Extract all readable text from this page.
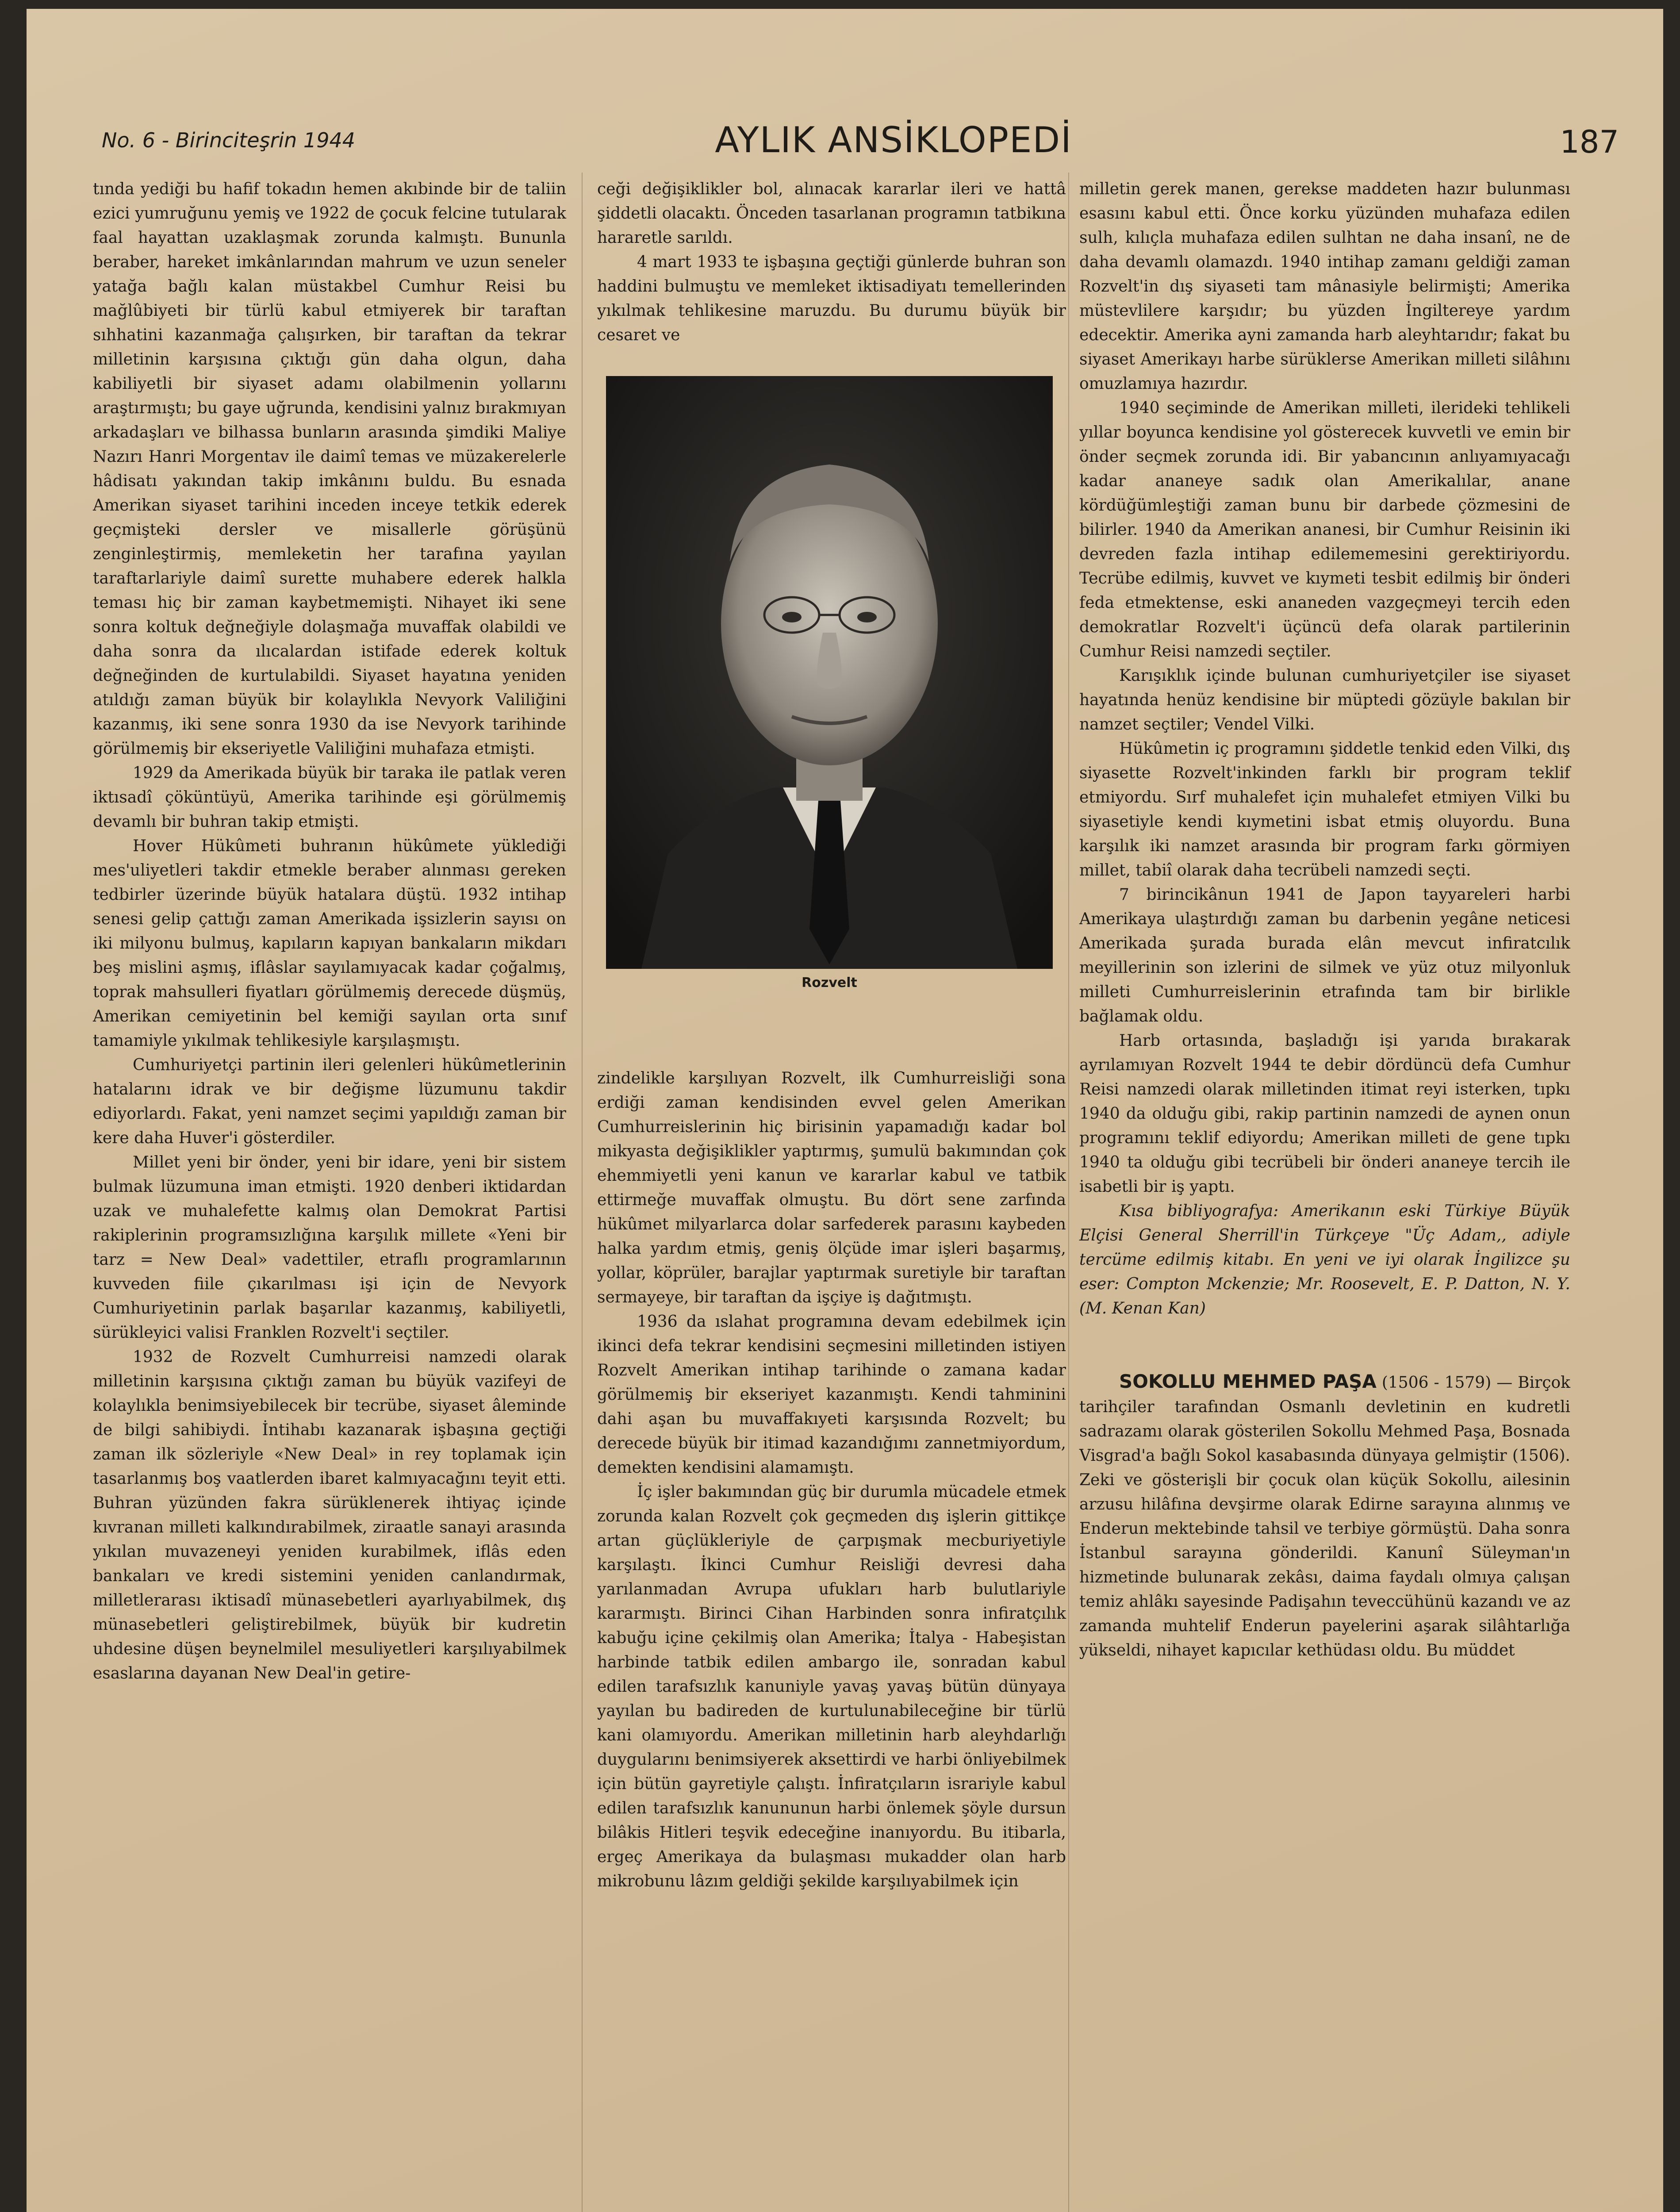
No. 6 - Birinciteşrin 1944	AYLIK ANSİKLOPEDİ	187

tında yediği bu hafif tokadın hemen akıbinde bir de taliin ezici yumruğunu yemiş ve 1922 de çocuk felcine tutularak faal hayattan uzaklaşmak zorunda kalmıştı. Bununla beraber, hareket imkânlarından mahrum ve uzun seneler yatağa bağlı kalan müstakbel Cumhur Reisi bu mağlûbiyeti bir türlü kabul etmiyerek bir taraftan sıhhatini kazanmağa çalışırken, bir taraftan da tekrar milletinin karşısına çıktığı gün daha olgun, daha kabiliyetli bir siyaset adamı olabilmenin yollarını araştırmıştı; bu gaye uğrunda, kendisini yalnız bırakmıyan arkadaşları ve bilhassa bunların arasında şimdiki Maliye Nazırı Hanri Morgentav ile daimî temas ve müzakerelerle hâdisatı yakından takip imkânını buldu. Bu esnada Amerikan siyaset tarihini inceden inceye tetkik ederek geçmişteki dersler ve misallerle görüşünü zenginleştirmiş, memleketin her tarafına yayılan taraftarlariyle daimî surette muhabere ederek halkla teması hiç bir zaman kaybetmemişti. Nihayet iki sene sonra koltuk değneğiyle dolaşmağa muvaffak olabildi ve daha sonra da ılıcalardan istifade ederek koltuk değneğinden de kurtulabildi. Siyaset hayatına yeniden atıldığı zaman büyük bir kolaylıkla Nevyork Valiliğini kazanmış, iki sene sonra 1930 da ise Nevyork tarihinde görülmemiş bir ekseriyetle Valiliğini muhafaza etmişti.

1929 da Amerikada büyük bir taraka ile patlak veren iktısadî çöküntüyü, Amerika tarihinde eşi görülmemiş devamlı bir buhran takip etmişti.

Hover Hükûmeti buhranın hükûmete yüklediği mes'uliyetleri takdir etmekle beraber alınması gereken tedbirler üzerinde büyük hatalara düştü. 1932 intihap senesi gelip çattığı zaman Amerikada işsizlerin sayısı on iki milyonu bulmuş, kapıların kapıyan bankaların mikdarı beş mislini aşmış, iflâslar sayılamıyacak kadar çoğalmış, toprak mahsulleri fiyatları görülmemiş derecede düşmüş, Amerikan cemiyetinin bel kemiği sayılan orta sınıf tamamiyle yıkılmak tehlikesiyle karşılaşmıştı.

Cumhuriyetçi partinin ileri gelenleri hükûmetlerinin hatalarını idrak ve bir değişme lüzumunu takdir ediyorlardı. Fakat, yeni namzet seçimi yapıldığı zaman bir kere daha Huver'i gösterdiler.

Millet yeni bir önder, yeni bir idare, yeni bir sistem bulmak lüzumuna iman etmişti. 1920 denberi iktidardan uzak ve muhalefette kalmış olan Demokrat Partisi rakiplerinin programsızlığına karşılık millete «Yeni bir tarz = New Deal» vadettiler, etraflı programlarının kuvveden fiile çıkarılması işi için de Nevyork Cumhuriyetinin parlak başarılar kazanmış, kabiliyetli, sürükleyici valisi Franklen Rozvelt'i seçtiler.

1932 de Rozvelt Cumhurreisi namzedi olarak milletinin karşısına çıktığı zaman bu büyük vazifeyi de kolaylıkla benimsiyebilecek bir tecrübe, siyaset âleminde de bilgi sahibiydi. İntihabı kazanarak işbaşına geçtiği zaman ilk sözleriyle «New Deal» in rey toplamak için tasarlanmış boş vaatlerden ibaret kalmıyacağını teyit etti. Buhran yüzünden fakra sürüklenerek ihtiyaç içinde kıvranan milleti kalkındırabilmek, ziraatle sanayi arasında yıkılan muvazeneyi yeniden kurabilmek, iflâs eden bankaları ve kredi sistemini yeniden canlandırmak, milletlerarası iktisadî münasebetleri ayarlıyabilmek, dış münasebetleri geliştirebilmek, büyük bir kudretin uhdesine düşen beynelmilel mesuliyetleri karşılıyabilmek esaslarına dayanan New Deal'in getire-

ceği değişiklikler bol, alınacak kararlar ileri ve hattâ şiddetli olacaktı. Önceden tasarlanan programın tatbikına hararetle sarıldı.

4 mart 1933 te işbaşına geçtiği günlerde buhran son haddini bulmuştu ve memleket iktisadiyatı temellerinden yıkılmak tehlikesine maruzdu. Bu durumu büyük bir cesaret ve

Rozvelt

zindelikle karşılıyan Rozvelt, ilk Cumhurreisliği sona erdiği zaman kendisinden evvel gelen Amerikan Cumhurreislerinin hiç birisinin yapamadığı kadar bol mikyasta değişiklikler yaptırmış, şumulü bakımından çok ehemmiyetli yeni kanun ve kararlar kabul ve tatbik ettirmeğe muvaffak olmuştu. Bu dört sene zarfında hükûmet milyarlarca dolar sarfederek parasını kaybeden halka yardım etmiş, geniş ölçüde imar işleri başarmış, yollar, köprüler, barajlar yaptırmak suretiyle bir taraftan sermayeye, bir taraftan da işçiye iş dağıtmıştı.

1936 da ıslahat programına devam edebilmek için ikinci defa tekrar kendisini seçmesini milletinden istiyen Rozvelt Amerikan intihap tarihinde o zamana kadar görülmemiş bir ekseriyet kazanmıştı. Kendi tahminini dahi aşan bu muvaffakıyeti karşısında Rozvelt; bu derecede büyük bir itimad kazandığımı zannetmiyordum, demekten kendisini alamamıştı.

İç işler bakımından güç bir durumla mücadele etmek zorunda kalan Rozvelt çok geçmeden dış işlerin gittikçe artan güçlükleriyle de çarpışmak mecburiyetiyle karşılaştı. İkinci Cumhur Reisliği devresi daha yarılanmadan Avrupa ufukları harb bulutlariyle kararmıştı. Birinci Cihan Harbinden sonra infiratçılık kabuğu içine çekilmiş olan Amerika; İtalya - Habeşistan harbinde tatbik edilen ambargo ile, sonradan kabul edilen tarafsızlık kanuniyle yavaş yavaş bütün dünyaya yayılan bu badireden de kurtulunabileceğine bir türlü kani olamıyordu. Amerikan milletinin harb aleyhdarlığı duygularını benimsiyerek aksettirdi ve harbi önliyebilmek için bütün gayretiyle çalıştı. İnfiratçıların israriyle kabul edilen tarafsızlık kanununun harbi önlemek şöyle dursun bilâkis Hitleri teşvik edeceğine inanıyordu. Bu itibarla, ergeç Amerikaya da bulaşması mukadder olan harb mikrobunu lâzım geldiği şekilde karşılıyabilmek için

milletin gerek manen, gerekse maddeten hazır bulunması esasını kabul etti. Önce korku yüzünden muhafaza edilen sulh, kılıçla muhafaza edilen sulhtan ne daha insanî, ne de daha devamlı olamazdı. 1940 intihap zamanı geldiği zaman Rozvelt'in dış siyaseti tam mânasiyle belirmişti; Amerika müstevlilere karşıdır; bu yüzden İngiltereye yardım edecektir. Amerika ayni zamanda harb aleyhtarıdır; fakat bu siyaset Amerikayı harbe sürüklerse Amerikan milleti silâhını omuzlamıya hazırdır.

1940 seçiminde de Amerikan milleti, ilerideki tehlikeli yıllar boyunca kendisine yol gösterecek kuvvetli ve emin bir önder seçmek zorunda idi. Bir yabancının anlıyamıyacağı kadar ananeye sadık olan Amerikalılar, anane kördüğümleştiği zaman bunu bir darbede çözmesini de bilirler. 1940 da Amerikan ananesi, bir Cumhur Reisinin iki devreden fazla intihap edilememesini gerektiriyordu. Tecrübe edilmiş, kuvvet ve kıymeti tesbit edilmiş bir önderi feda etmektense, eski ananeden vazgeçmeyi tercih eden demokratlar Rozvelt'i üçüncü defa olarak partilerinin Cumhur Reisi namzedi seçtiler.

Karışıklık içinde bulunan cumhuriyetçiler ise siyaset hayatında henüz kendisine bir müptedi gözüyle bakılan bir namzet seçtiler; Vendel Vilki.

Hükûmetin iç programını şiddetle tenkid eden Vilki, dış siyasette Rozvelt'inkinden farklı bir program teklif etmiyordu. Sırf muhalefet için muhalefet etmiyen Vilki bu siyasetiyle kendi kıymetini isbat etmiş oluyordu. Buna karşılık iki namzet arasında bir program farkı görmiyen millet, tabiî olarak daha tecrübeli namzedi seçti.

7 birincikânun 1941 de Japon tayyareleri harbi Amerikaya ulaştırdığı zaman bu darbenin yegâne neticesi Amerikada şurada burada elân mevcut infiratcılık meyillerinin son izlerini de silmek ve yüz otuz milyonluk milleti Cumhurreislerinin etrafında tam bir birlikle bağlamak oldu.

Harb ortasında, başladığı işi yarıda bırakarak ayrılamıyan Rozvelt 1944 te debir dördüncü defa Cumhur Reisi namzedi olarak milletinden itimat reyi isterken, tıpkı 1940 da olduğu gibi, rakip partinin namzedi de aynen onun programını teklif ediyordu; Amerikan milleti de gene tıpkı 1940 ta olduğu gibi tecrübeli bir önderi ananeye tercih ile isabetli bir iş yaptı.

Kısa bibliyografya: Amerikanın eski Türkiye Büyük Elçisi General Sherrill'in Türkçeye "Üç Adam,, adiyle tercüme edilmiş kitabı. En yeni ve iyi olarak İngilizce şu eser: Compton Mckenzie; Mr. Roosevelt, E. P. Datton, N. Y. (M. Kenan Kan)

SOKOLLU MEHMED PAŞA (1506 - 1579) — Birçok tarihçiler tarafından Osmanlı devletinin en kudretli sadrazamı olarak gösterilen Sokollu Mehmed Paşa, Bosnada Visgrad'a bağlı Sokol kasabasında dünyaya gelmiştir (1506). Zeki ve gösterişli bir çocuk olan küçük Sokollu, ailesinin arzusu hilâfına devşirme olarak Edirne sarayına alınmış ve Enderun mektebinde tahsil ve terbiye görmüştü. Daha sonra İstanbul sarayına gönderildi. Kanunî Süleyman'ın hizmetinde bulunarak zekâsı, daima faydalı olmıya çalışan temiz ahlâkı sayesinde Padişahın teveccühünü kazandı ve az zamanda muhtelif Enderun payelerini aşarak silâhtarlığa yükseldi, nihayet kapıcılar kethüdası oldu. Bu müddet
